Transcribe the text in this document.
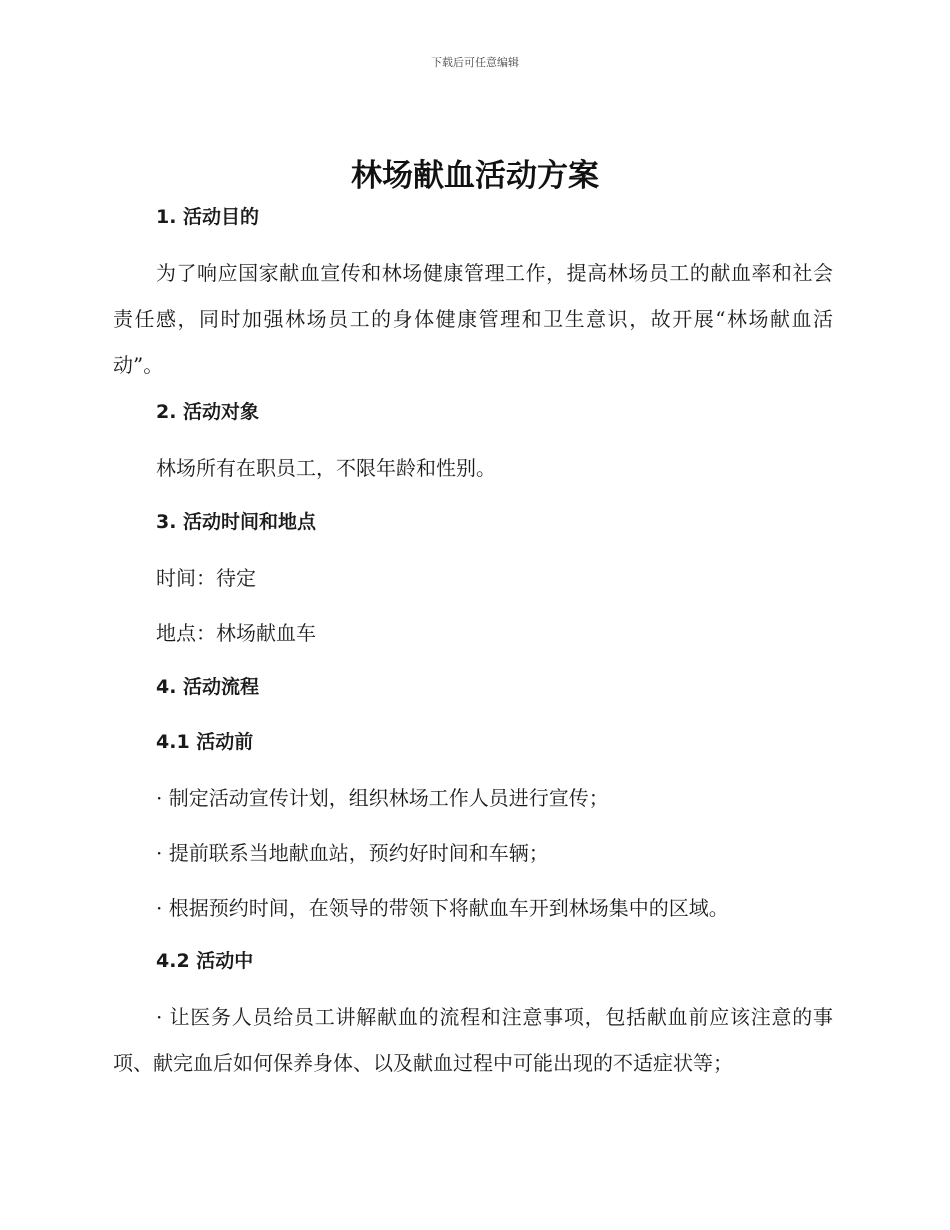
下载后可任意编辑
林场献血活动方案
1. 活动目的
为了响应国家献血宣传和林场健康管理工作，提高林场员工的献血率和社会责任感，同时加强林场员工的身体健康管理和卫生意识，故开展“林场献血活动”。
2. 活动对象
林场所有在职员工，不限年龄和性别。
3. 活动时间和地点
时间：待定
地点：林场献血车
4. 活动流程
4.1 活动前
· 制定活动宣传计划，组织林场工作人员进行宣传；
· 提前联系当地献血站，预约好时间和车辆；
· 根据预约时间，在领导的带领下将献血车开到林场集中的区域。
4.2 活动中
· 让医务人员给员工讲解献血的流程和注意事项，包括献血前应该注意的事项、献完血后如何保养身体、以及献血过程中可能出现的不适症状等；
